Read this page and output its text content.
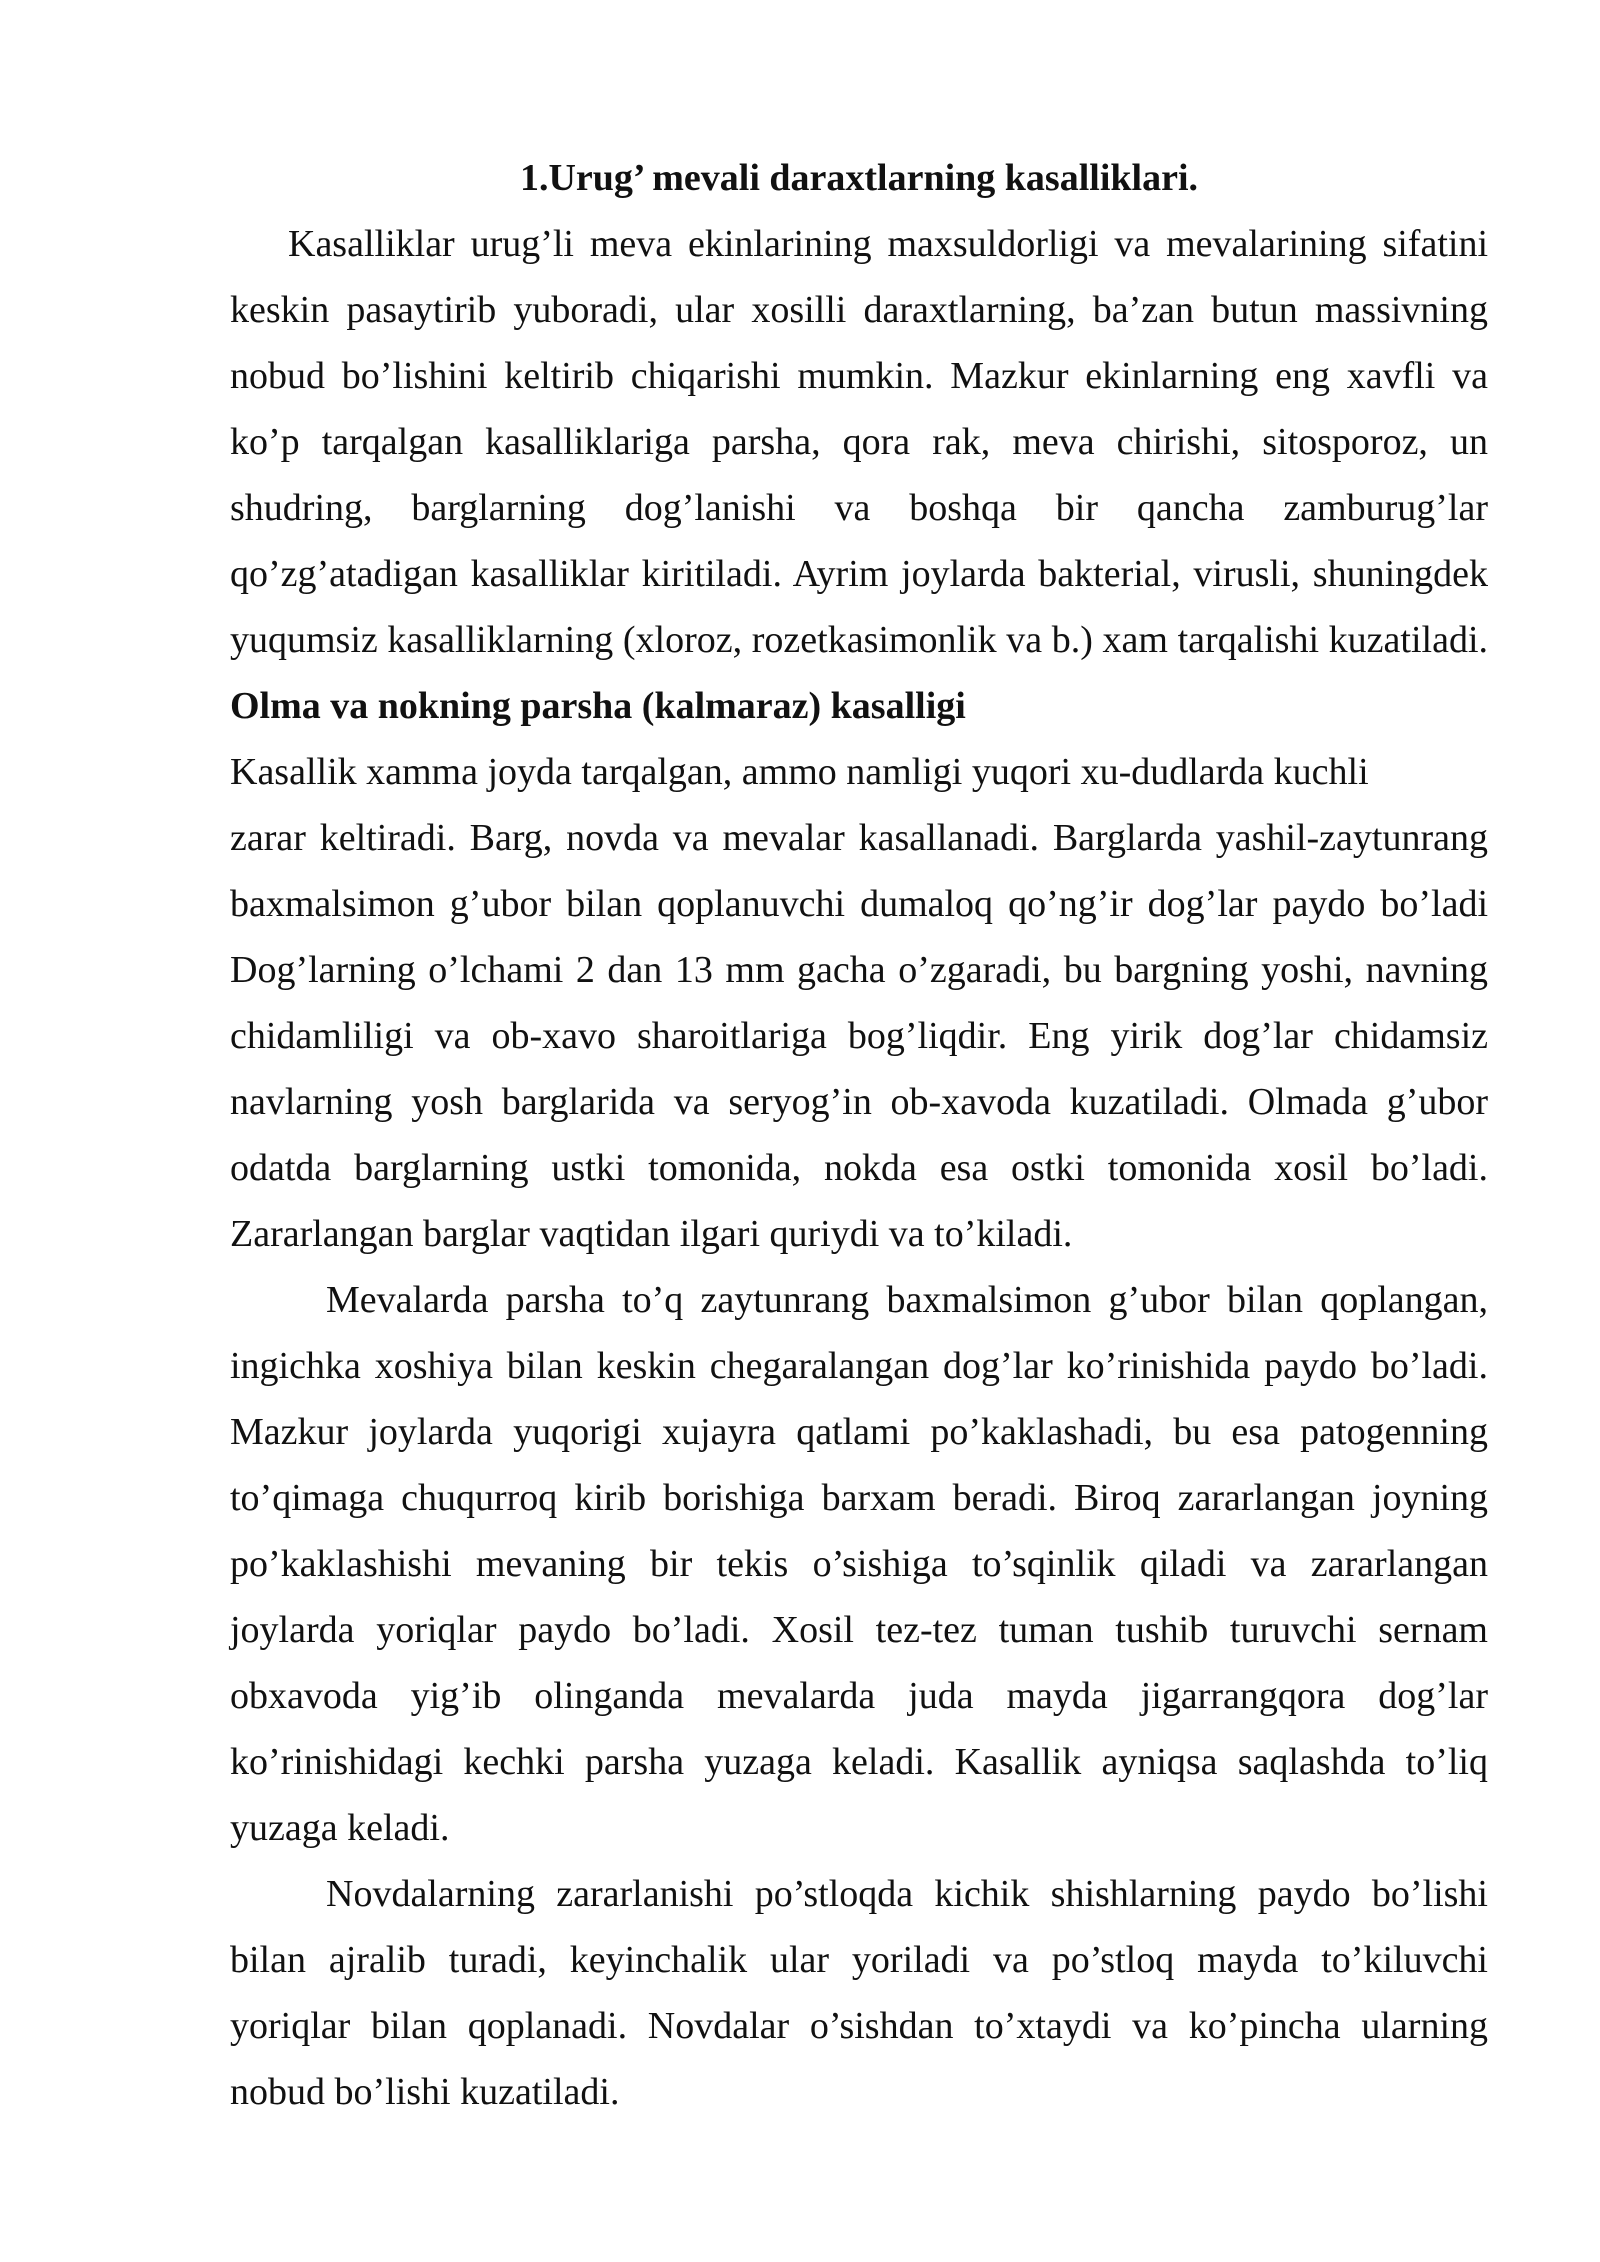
1.Urug’ mevali daraxtlarning kasalliklari.

Kasalliklar urug’li meva ekinlarining maxsuldorligi va mevalarining sifatini keskin pasaytirib yuboradi, ular xosilli daraxtlarning, ba’zan butun massivning nobud bo’lishini keltirib chiqarishi mumkin. Mazkur ekinlarning eng xavfli va ko’p tarqalgan kasalliklariga parsha, qora rak, meva chirishi, sitosporoz, un shudring, barglarning dog’lanishi va boshqa bir qancha zamburug’lar qo’zg’atadigan kasalliklar kiritiladi. Ayrim joylarda bakterial, virusli, shuningdek yuqumsiz kasalliklarning (xloroz, rozetkasimonlik va b.) xam tarqalishi kuzatiladi. Olma va nokning parsha (kalmaraz) kasalligi

Kasallik xamma joyda tarqalgan, ammo namligi yuqori xu-dudlarda kuchli
zarar keltiradi. Barg, novda va mevalar kasallanadi. Barglarda yashil-zaytunrang baxmalsimon g’ubor bilan qoplanuvchi dumaloq qo’ng’ir dog’lar paydo bo’ladi Dog’larning o’lchami 2 dan 13 mm gacha o’zgaradi, bu bargning yoshi, navning chidamliligi va ob-xavo sharoitlariga bog’liqdir. Eng yirik dog’lar chidamsiz navlarning yosh barglarida va seryog’in ob-xavoda kuzatiladi. Olmada g’ubor odatda barglarning ustki tomonida, nokda esa ostki tomonida xosil bo’ladi. Zararlangan barglar vaqtidan ilgari quriydi va to’kiladi.

Mevalarda parsha to’q zaytunrang baxmalsimon g’ubor bilan qoplangan, ingichka xoshiya bilan keskin chegaralangan dog’lar ko’rinishida paydo bo’ladi. Mazkur joylarda yuqorigi xujayra qatlami po’kaklashadi, bu esa patogenning to’qimaga chuqurroq kirib borishiga barxam beradi. Biroq zararlangan joyning po’kaklashishi mevaning bir tekis o’sishiga to’sqinlik qiladi va zararlangan joylarda yoriqlar paydo bo’ladi. Xosil tez-tez tuman tushib turuvchi sernam obxavoda yig’ib olinganda mevalarda juda mayda jigarrangqora dog’lar ko’rinishidagi kechki parsha yuzaga keladi. Kasallik ayniqsa saqlashda to’liq yuzaga keladi.

Novdalarning zararlanishi po’stloqda kichik shishlarning paydo bo’lishi bilan ajralib turadi, keyinchalik ular yoriladi va po’stloq mayda to’kiluvchi yoriqlar bilan qoplanadi. Novdalar o’sishdan to’xtaydi va ko’pincha ularning nobud bo’lishi kuzatiladi.
